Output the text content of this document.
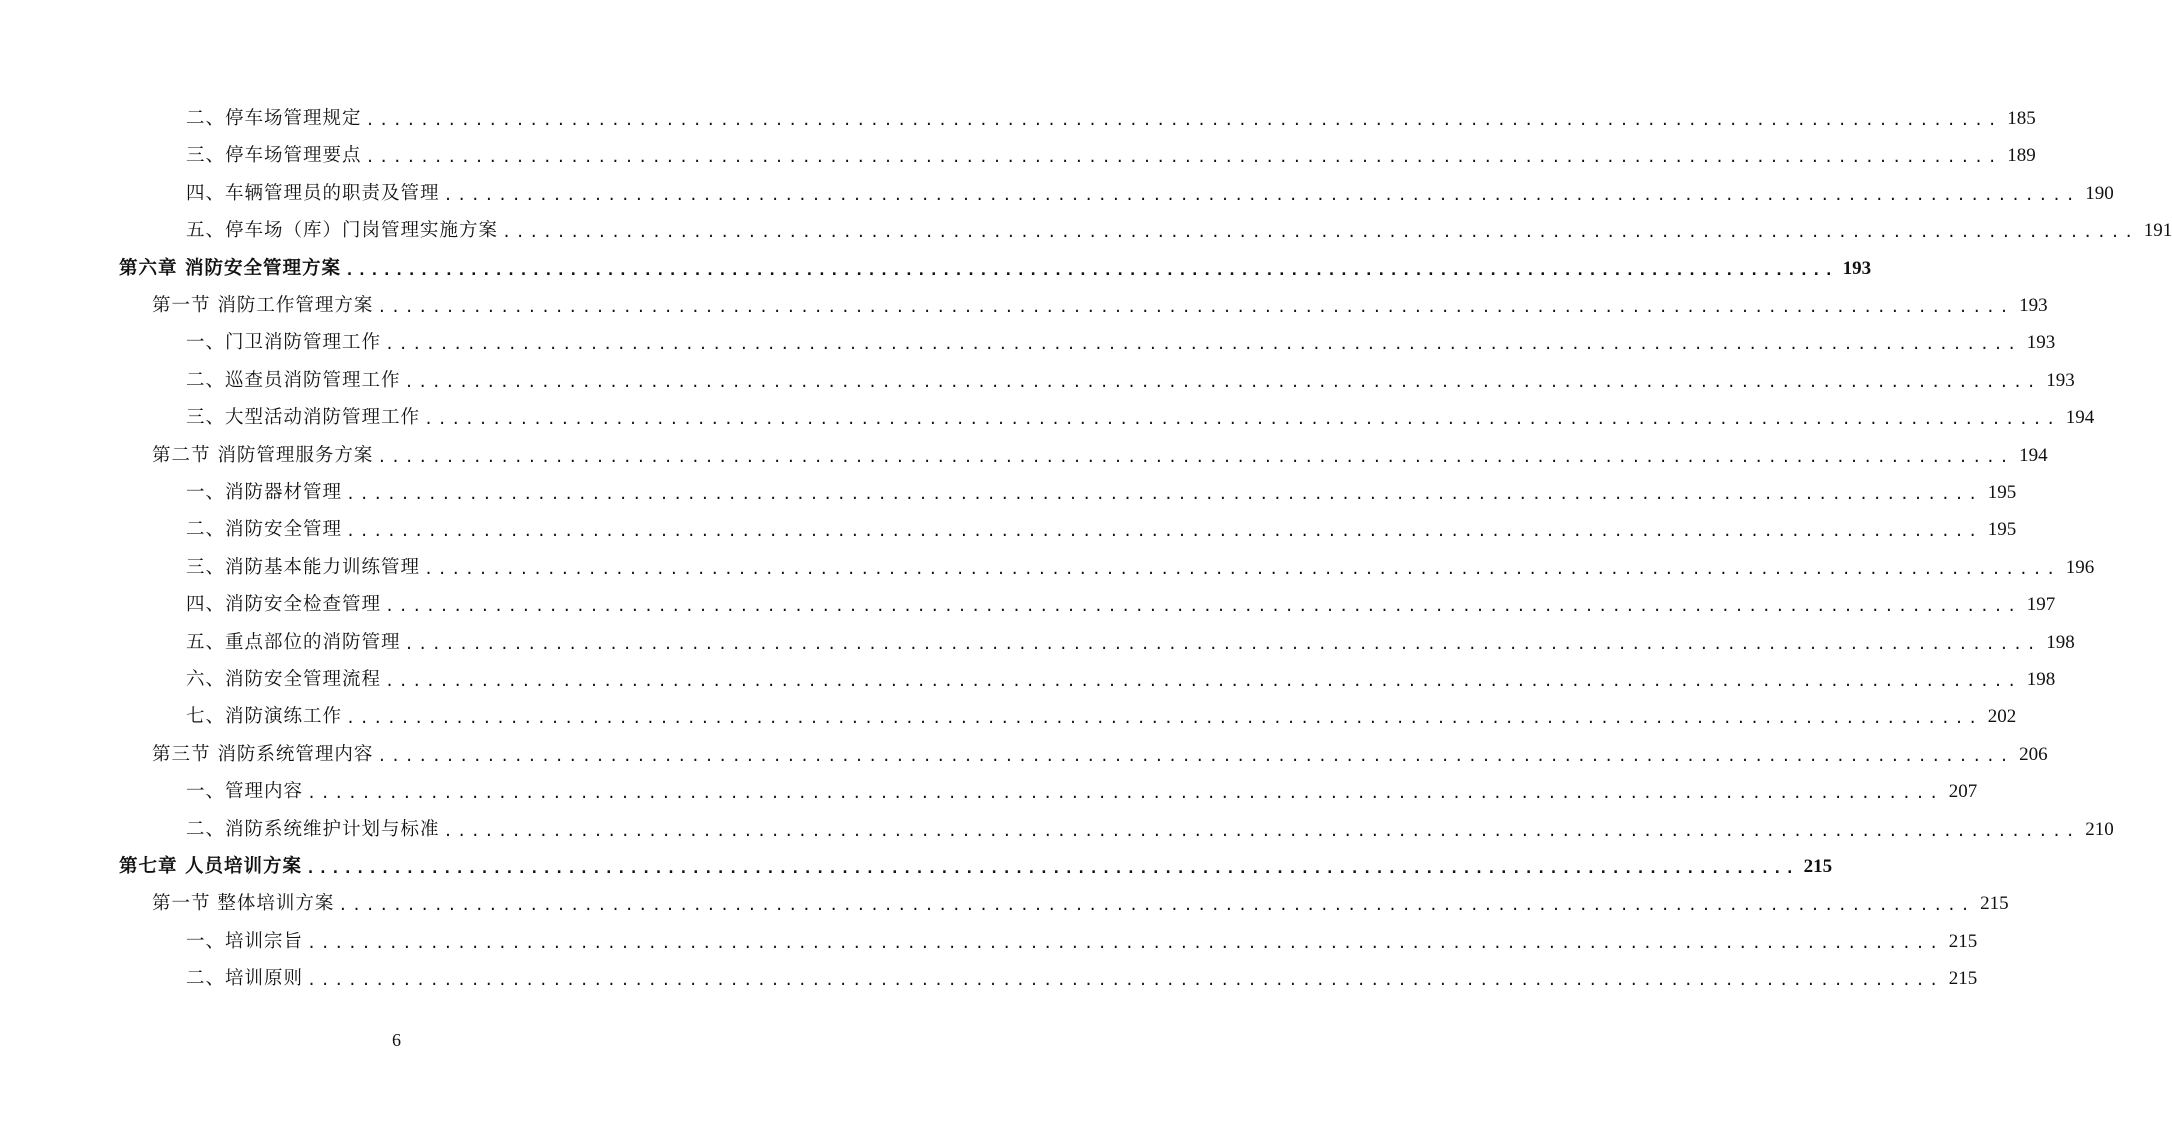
二、停车场管理规定 ........................................................................................................................ 185
三、停车场管理要点 ........................................................................................................................ 189
四、车辆管理员的职责及管理 ........................................................................................................................ 190
五、停车场（库）门岗管理实施方案 ........................................................................................................................ 191
第六章 消防安全管理方案 ........................................................................................................................ 193
第一节 消防工作管理方案 ........................................................................................................................ 193
一、门卫消防管理工作 ........................................................................................................................ 193
二、巡查员消防管理工作 ........................................................................................................................ 193
三、大型活动消防管理工作 ........................................................................................................................ 194
第二节 消防管理服务方案 ........................................................................................................................ 194
一、消防器材管理 ........................................................................................................................ 195
二、消防安全管理 ........................................................................................................................ 195
三、消防基本能力训练管理 ........................................................................................................................ 196
四、消防安全检查管理 ........................................................................................................................ 197
五、重点部位的消防管理 ........................................................................................................................ 198
六、消防安全管理流程 ........................................................................................................................ 198
七、消防演练工作 ........................................................................................................................ 202
第三节 消防系统管理内容 ........................................................................................................................ 206
一、管理内容 ........................................................................................................................ 207
二、消防系统维护计划与标准 ........................................................................................................................ 210
第七章 人员培训方案 ........................................................................................................................ 215
第一节 整体培训方案 ........................................................................................................................ 215
一、培训宗旨 ........................................................................................................................ 215
二、培训原则 ........................................................................................................................ 215
6
